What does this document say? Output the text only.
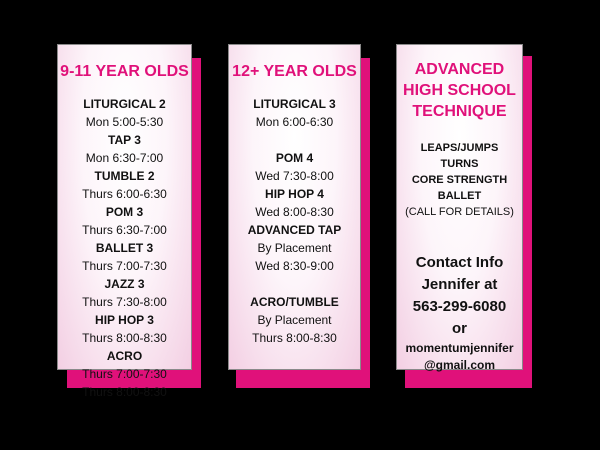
9-11 YEAR OLDS
LITURGICAL 2
Mon 5:00-5:30
TAP 3
Mon 6:30-7:00
TUMBLE 2
Thurs 6:00-6:30
POM 3
Thurs 6:30-7:00
BALLET 3
Thurs 7:00-7:30
JAZZ 3
Thurs 7:30-8:00
HIP HOP 3
Thurs 8:00-8:30
ACRO
Thurs 7:00-7:30
Thurs 8:00-8:30
12+ YEAR OLDS
LITURGICAL 3
Mon 6:00-6:30
POM 4
Wed 7:30-8:00
HIP HOP 4
Wed 8:00-8:30
ADVANCED TAP
By Placement
Wed 8:30-9:00
ACRO/TUMBLE
By Placement
Thurs 8:00-8:30
ADVANCED
HIGH SCHOOL
TECHNIQUE
LEAPS/JUMPS
TURNS
CORE STRENGTH
BALLET
(CALL FOR DETAILS)
Contact Info
Jennifer at
563-299-6080
or
momentumjennifer
@gmail.com
